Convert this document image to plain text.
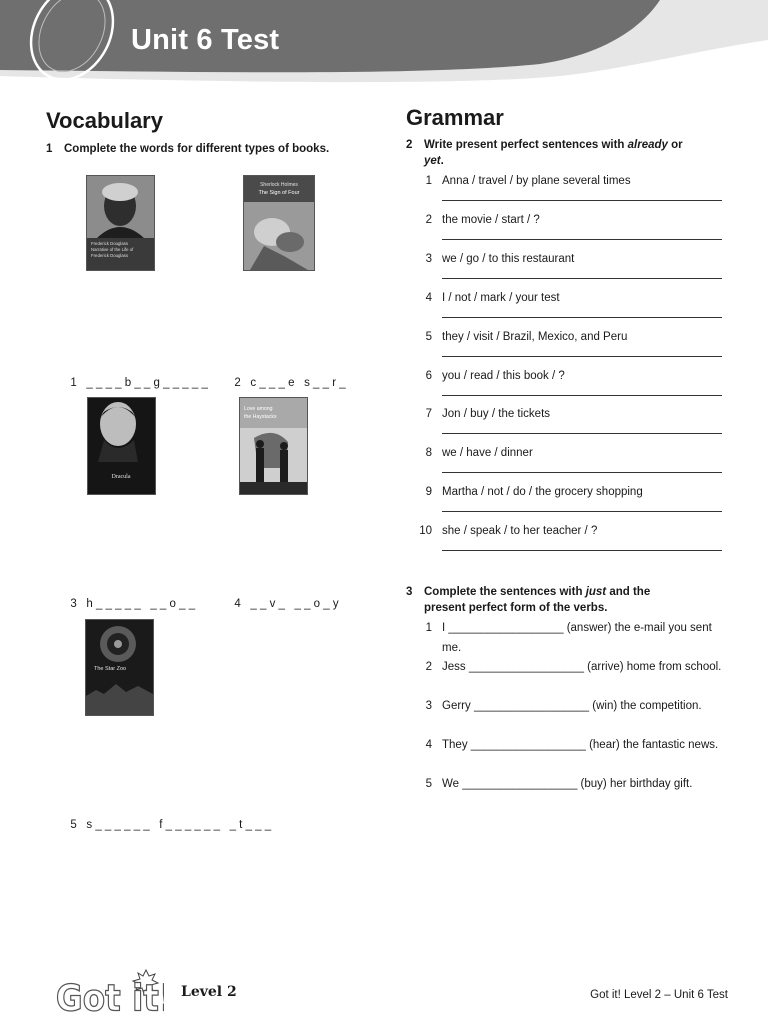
Unit 6 Test
Vocabulary
1 Complete the words for different types of books.
Frederick Douglass
Narrative of the Life of
Frederick Douglass
Sherlock Holmes
The Sign of Four

1 _ _ _ _ b _ _ g _ _ _ _ _	2 c _ _ _ e   s _ _ r _

Dracula
Love among
the Haystacks

3 h _ _ _ _ _   _ _ o _ _	4 _ _ v _   _ _ o _ y

The Star Zoo

5 s _ _ _ _ _ _   f _ _ _ _ _ _   _ t _ _ _

Grammar
2 Write present perfect sentences with already or
yet.
1 Anna / travel / by plane several times
2 the movie / start / ?
3 we / go / to this restaurant
4 I / not / mark / your test
5 they / visit / Brazil, Mexico, and Peru
6 you / read / this book / ?
7 Jon / buy / the tickets
8 we / have / dinner
9 Martha / not / do / the grocery shopping
10 she / speak / to her teacher / ?
3 Complete the sentences with just and the
present perfect form of the verbs.
1 I __________________ (answer) the e-mail you sent me.
2 Jess __________________ (arrive) home from school.
3 Gerry __________________ (win) the competition.
4 They __________________ (hear) the fantastic news.
5 We __________________ (buy) her birthday gift.
Got it! Level 2	Got it! Level 2 – Unit 6 Test
